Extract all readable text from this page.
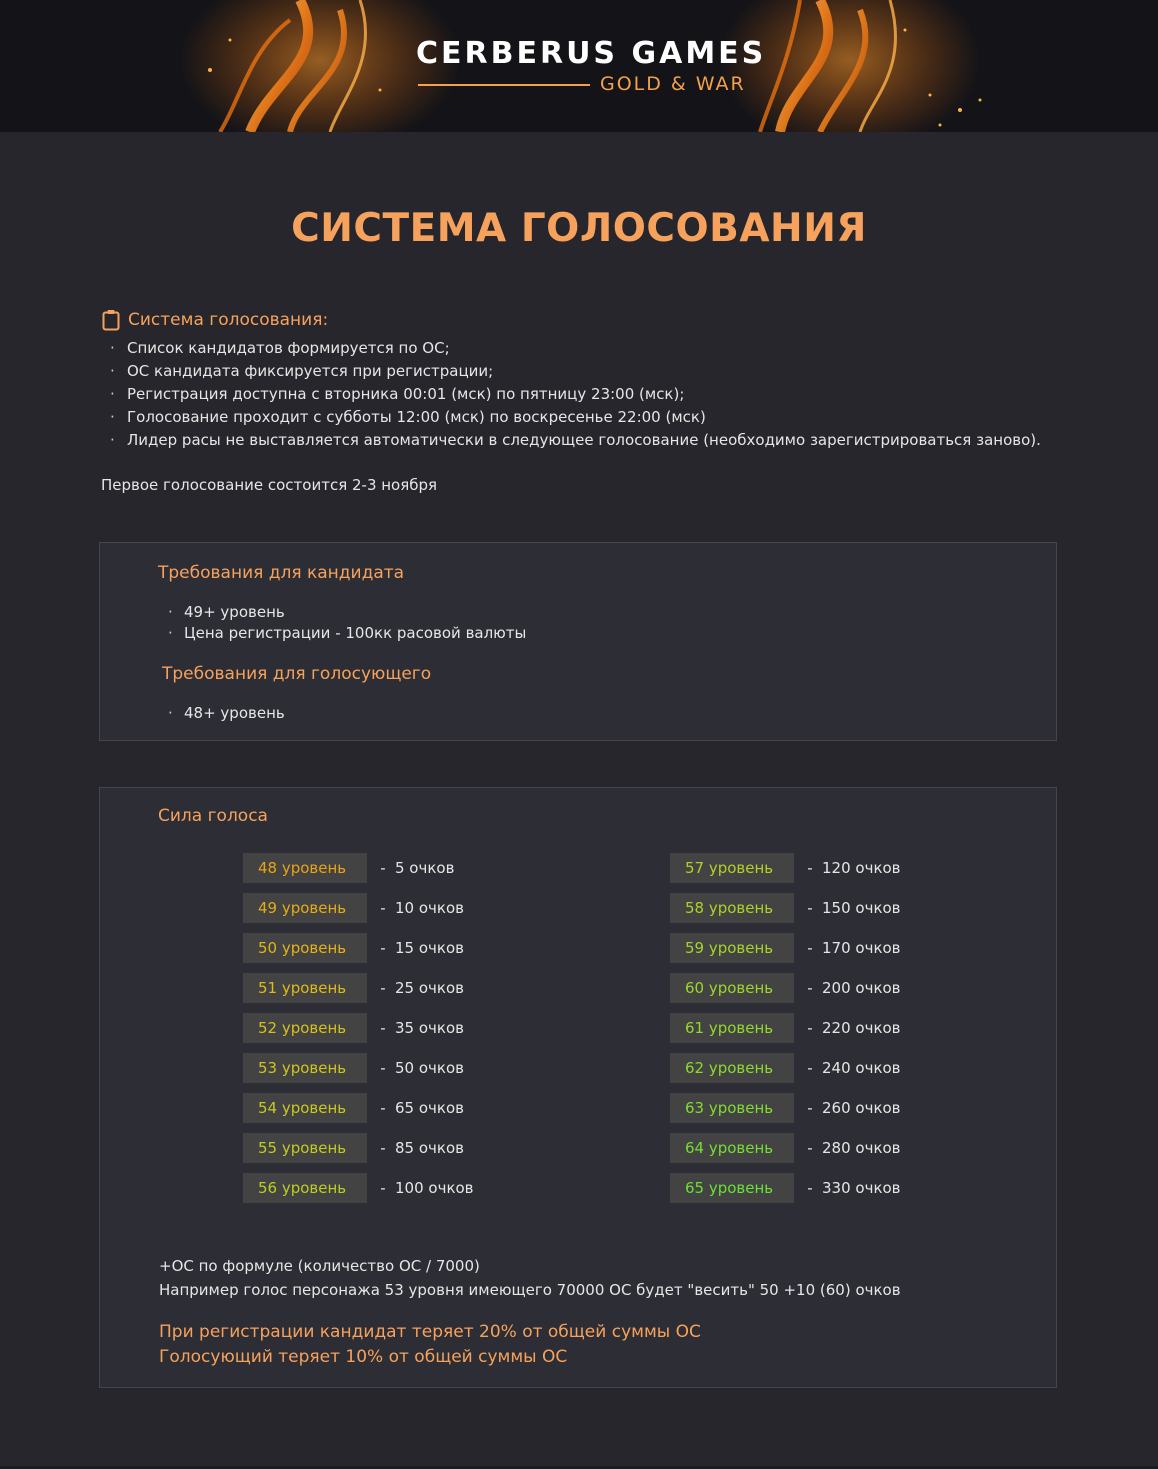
CERBERUS GAMES
GOLD & WAR
СИСТЕМА ГОЛОСОВАНИЯ
Система голосования:
· Список кандидатов формируется по ОС;
· ОС кандидата фиксируется при регистрации;
· Регистрация доступна с вторника 00:01 (мск) по пятницу 23:00 (мск);
· Голосование проходит с субботы 12:00 (мск) по воскресенье 22:00 (мск)
· Лидер расы не выставляется автоматически в следующее голосование (необходимо зарегистрироваться заново).
Первое голосование состоится 2-3 ноября
Требования для кандидата
· 49+ уровень
· Цена регистрации - 100кк расовой валюты
Требования для голосующего
· 48+ уровень
Сила голоса
48 уровень	- 5 очков
49 уровень	- 10 очков
50 уровень	- 15 очков
51 уровень	- 25 очков
52 уровень	- 35 очков
53 уровень	- 50 очков
54 уровень	- 65 очков
55 уровень	- 85 очков
56 уровень	- 100 очков
57 уровень	- 120 очков
58 уровень	- 150 очков
59 уровень	- 170 очков
60 уровень	- 200 очков
61 уровень	- 220 очков
62 уровень	- 240 очков
63 уровень	- 260 очков
64 уровень	- 280 очков
65 уровень	- 330 очков
+ОС по формуле (количество ОС / 7000)
Например голос персонажа 53 уровня имеющего 70000 ОС будет "весить" 50 +10 (60) очков
При регистрации кандидат теряет 20% от общей суммы ОС
Голосующий теряет 10% от общей суммы ОС
